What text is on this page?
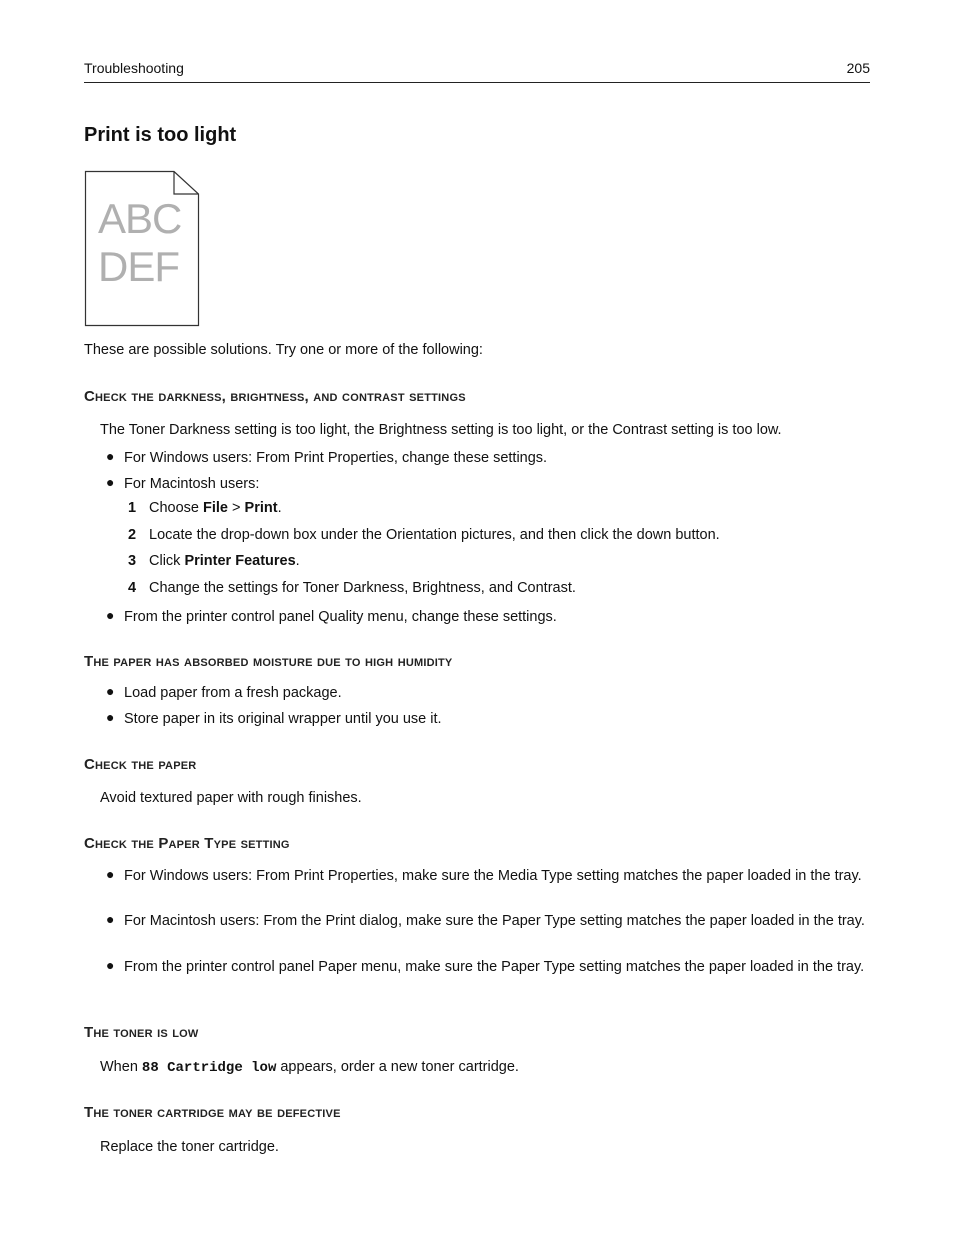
Troubleshooting	205
Print is too light
ABC
DEF

These are possible solutions. Try one or more of the following:

Check the darkness, brightness, and contrast settings

The Toner Darkness setting is too light, the Brightness setting is too light, or the Contrast setting is too low.

● For Windows users: From Print Properties, change these settings.
● For Macintosh users:
1 Choose File > Print.
2 Locate the drop-down box under the Orientation pictures, and then click the down button.
3 Click Printer Features.
4 Change the settings for Toner Darkness, Brightness, and Contrast.
● From the printer control panel Quality menu, change these settings.
The paper has absorbed moisture due to high humidity
● Load paper from a fresh package.
● Store paper in its original wrapper until you use it.
Check the paper

Avoid textured paper with rough finishes.

Check the Paper Type setting
● For Windows users: From Print Properties, make sure the Media Type setting matches the paper loaded in the tray.
● For Macintosh users: From the Print dialog, make sure the Paper Type setting matches the paper loaded in the tray.
● From the printer control panel Paper menu, make sure the Paper Type setting matches the paper loaded in the tray.
The toner is low

When 88 Cartridge low appears, order a new toner cartridge.

The toner cartridge may be defective

Replace the toner cartridge.
